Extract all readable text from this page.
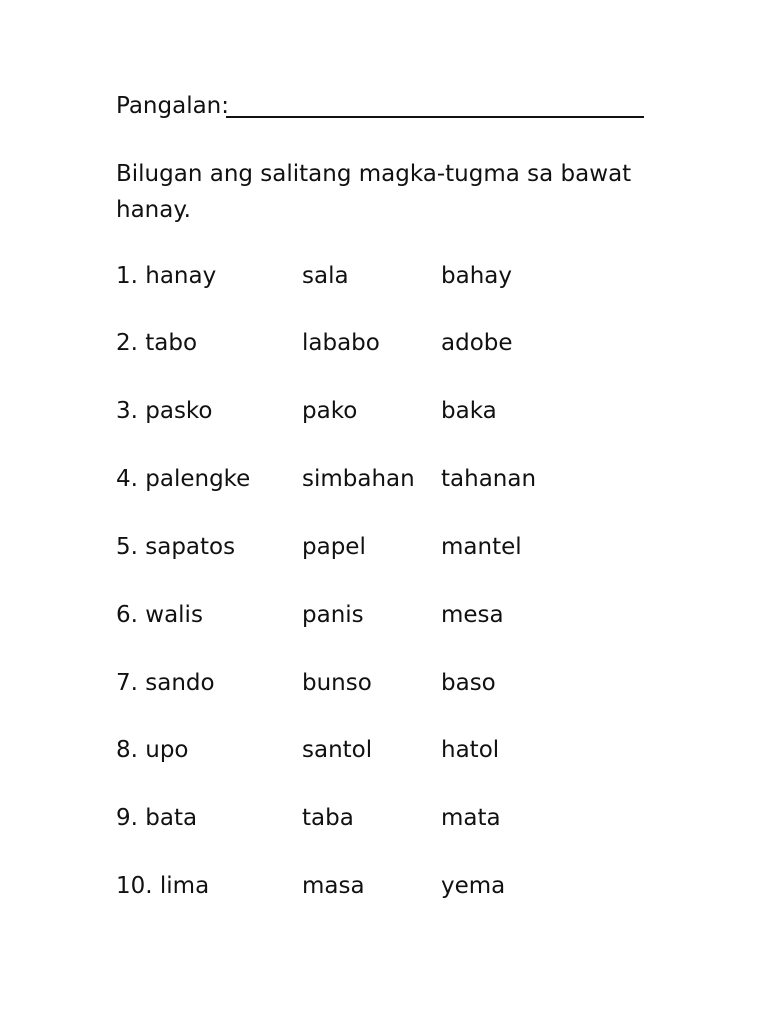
Pangalan:
Bilugan ang salitang magka-tugma sa bawat
hanay.
1. hanay	sala	bahay
2. tabo	lababo	adobe
3. pasko	pako	baka
4. palengke simbahan tahanan
5. sapatos	papel	mantel
6. walis	panis	mesa
7. sando	bunso	baso
8. upo	santol	hatol
9. bata	taba	mata
10. lima	masa	yema
